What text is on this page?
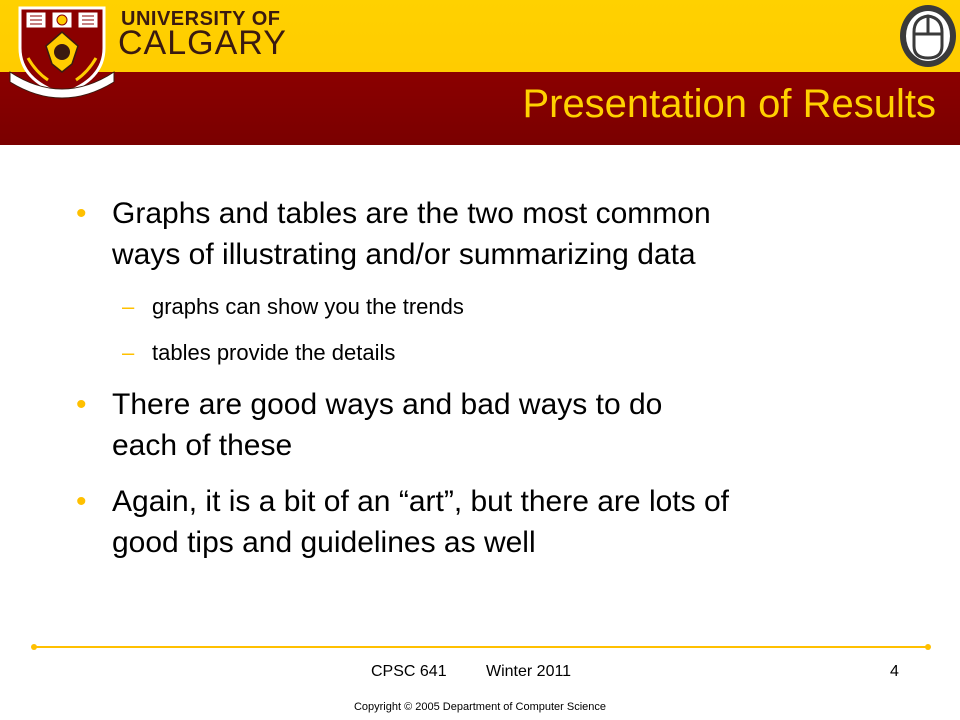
UNIVERSITY OF
CALGARY
Presentation of Results
• Graphs and tables are the two most common
ways of illustrating and/or summarizing data
– graphs can show you the trends
– tables provide the details
• There are good ways and bad ways to do
each of these
• Again, it is a bit of an “art”, but there are lots of
good tips and guidelines as well
CPSC 641 Winter 2011	4
Copyright © 2005 Department of Computer Science
